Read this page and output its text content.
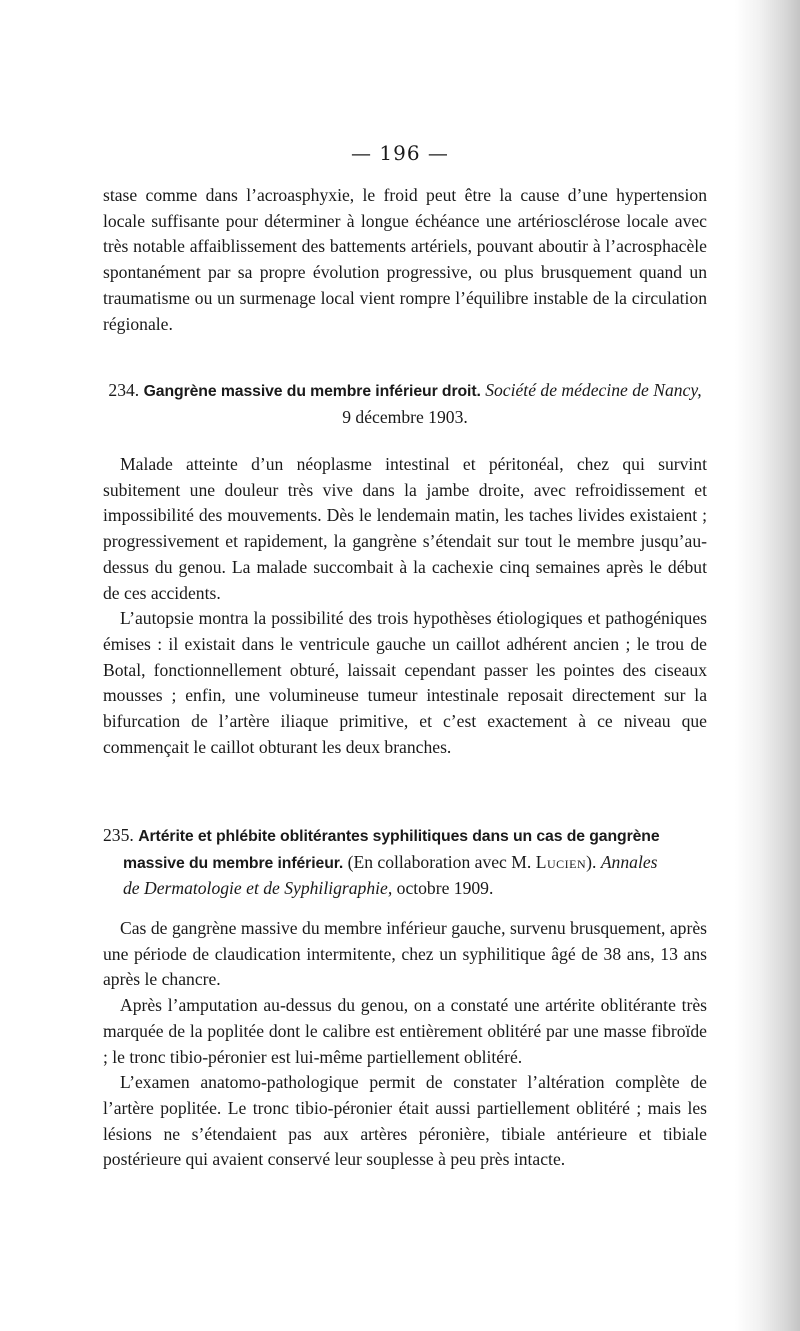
— 196 —

stase comme dans l’acroasphyxie, le froid peut être la cause d’une hypertension locale suffisante pour déterminer à longue échéance une artériosclérose locale avec très notable affaiblissement des battements artériels, pouvant aboutir à l’acrosphacèle spontanément par sa propre évolution progressive, ou plus brusquement quand un traumatisme ou un surmenage local vient rompre l’équilibre instable de la circulation régionale.

234. Gangrène massive du membre inférieur droit. Société de médecine de Nancy, 9 décembre 1903.

Malade atteinte d’un néoplasme intestinal et péritonéal, chez qui survint subitement une douleur très vive dans la jambe droite, avec refroidissement et impossibilité des mouvements. Dès le lendemain matin, les taches livides existaient ; progressivement et rapidement, la gangrène s’étendait sur tout le membre jusqu’au-dessus du genou. La malade succombait à la cachexie cinq semaines après le début de ces accidents.

L’autopsie montra la possibilité des trois hypothèses étiologiques et pathogéniques émises : il existait dans le ventricule gauche un caillot adhérent ancien ; le trou de Botal, fonctionnellement obturé, laissait cependant passer les pointes des ciseaux mousses ; enfin, une volumineuse tumeur intestinale reposait directement sur la bifurcation de l’artère iliaque primitive, et c’est exactement à ce niveau que commençait le caillot obturant les deux branches.

235. Artérite et phlébite oblitérantes syphilitiques dans un cas de gangrène
massive du membre inférieur. (En collaboration avec M. Lucien). Annales
de Dermatologie et de Syphiligraphie, octobre 1909.

Cas de gangrène massive du membre inférieur gauche, survenu brusquement, après une période de claudication intermitente, chez un syphilitique âgé de 38 ans, 13 ans après le chancre.

Après l’amputation au-dessus du genou, on a constaté une artérite oblitérante très marquée de la poplitée dont le calibre est entièrement oblitéré par une masse fibroïde ; le tronc tibio-péronier est lui-même partiellement oblitéré.

L’examen anatomo-pathologique permit de constater l’altération complète de l’artère poplitée. Le tronc tibio-péronier était aussi partiellement oblitéré ; mais les lésions ne s’étendaient pas aux artères péronière, tibiale antérieure et tibiale postérieure qui avaient conservé leur souplesse à peu près intacte.
